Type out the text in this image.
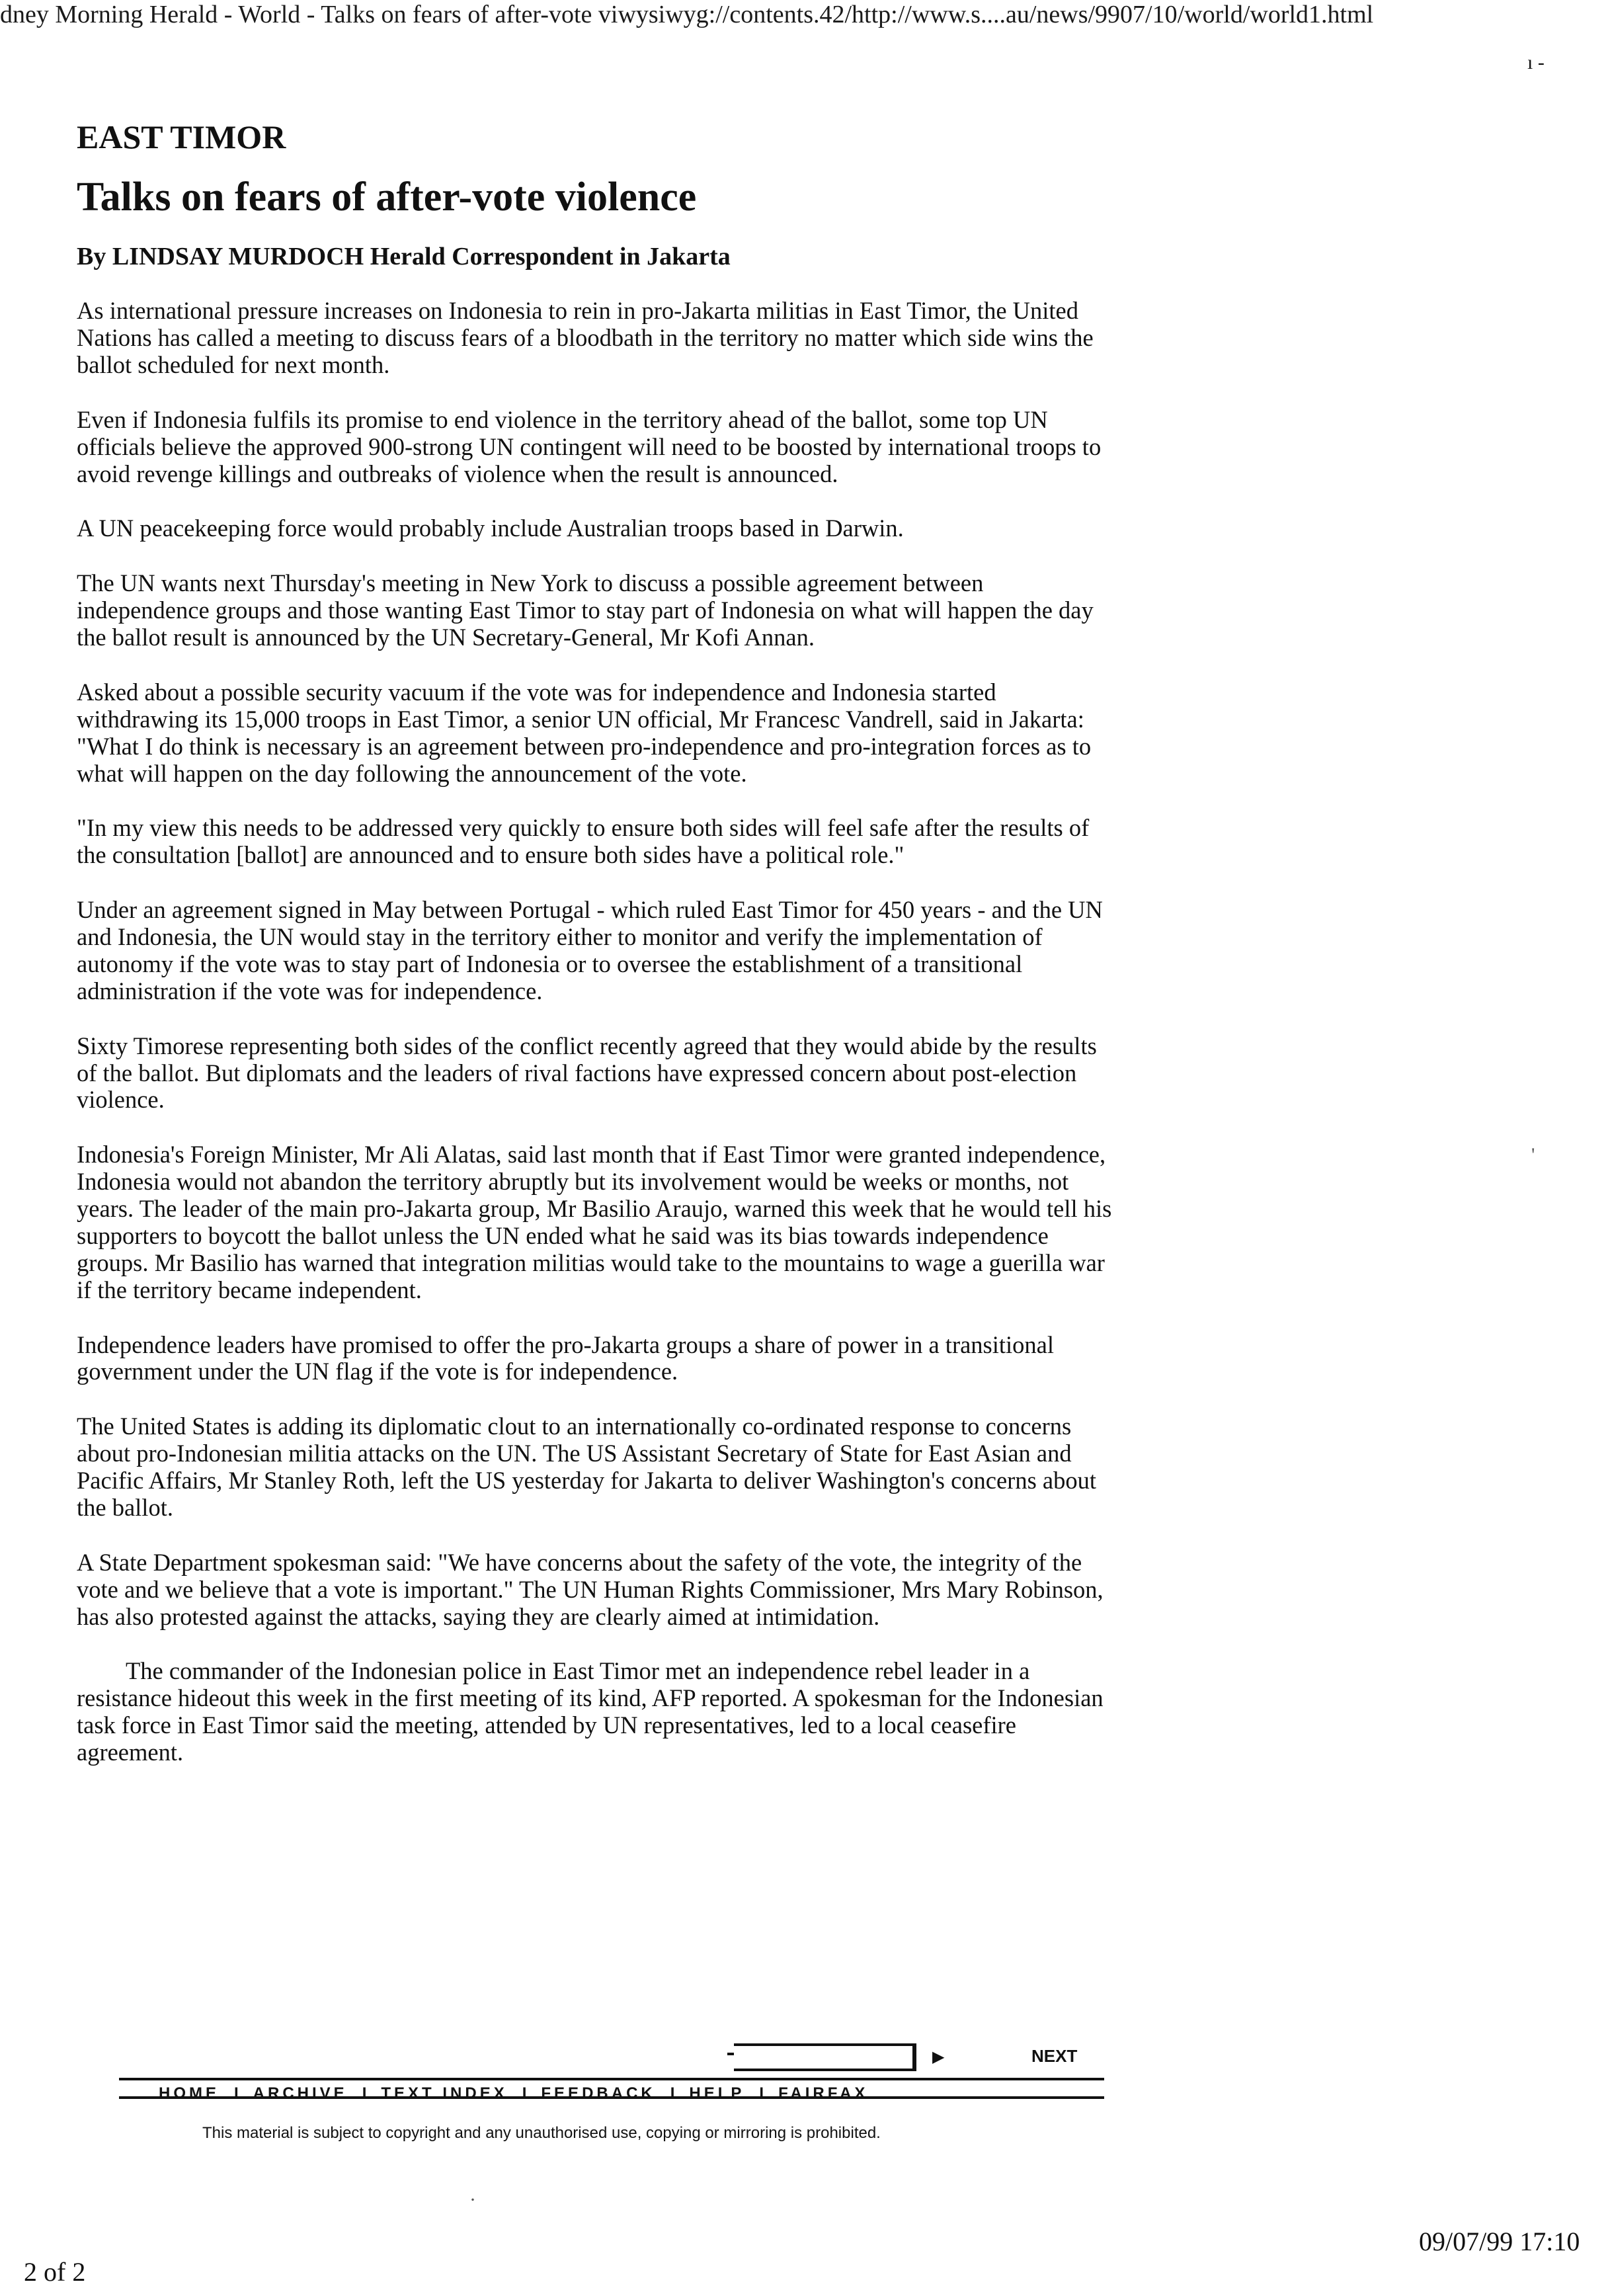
dney Morning Herald - World - Talks on fears of after-vote viwysiwyg://contents.42/http://www.s....au/news/9907/10/world/world1.html
ı -
'
·
EAST TIMOR
Talks on fears of after-vote violence
By LINDSAY MURDOCH Herald Correspondent in Jakarta

As international pressure increases on Indonesia to rein in pro-Jakarta militias in East Timor, the United Nations has called a meeting to discuss fears of a bloodbath in the territory no matter which side wins the ballot scheduled for next month.

Even if Indonesia fulfils its promise to end violence in the territory ahead of the ballot, some top UN officials believe the approved 900-strong UN contingent will need to be boosted by international troops to avoid revenge killings and outbreaks of violence when the result is announced.

A UN peacekeeping force would probably include Australian troops based in Darwin.

The UN wants next Thursday's meeting in New York to discuss a possible agreement between independence groups and those wanting East Timor to stay part of Indonesia on what will happen the day the ballot result is announced by the UN Secretary-General, Mr Kofi Annan.

Asked about a possible security vacuum if the vote was for independence and Indonesia started withdrawing its 15,000 troops in East Timor, a senior UN official, Mr Francesc Vandrell, said in Jakarta: "What I do think is necessary is an agreement between pro-independence and pro-integration forces as to what will happen on the day following the announcement of the vote.

"In my view this needs to be addressed very quickly to ensure both sides will feel safe after the results of the consultation [ballot] are announced and to ensure both sides have a political role."

Under an agreement signed in May between Portugal - which ruled East Timor for 450 years - and the UN and Indonesia, the UN would stay in the territory either to monitor and verify the implementation of autonomy if the vote was to stay part of Indonesia or to oversee the establishment of a transitional administration if the vote was for independence.

Sixty Timorese representing both sides of the conflict recently agreed that they would abide by the results of the ballot. But diplomats and the leaders of rival factions have expressed concern about post-election violence.

Indonesia's Foreign Minister, Mr Ali Alatas, said last month that if East Timor were granted independence, Indonesia would not abandon the territory abruptly but its involvement would be weeks or months, not years. The leader of the main pro-Jakarta group, Mr Basilio Araujo, warned this week that he would tell his supporters to boycott the ballot unless the UN ended what he said was its bias towards independence groups. Mr Basilio has warned that integration militias would take to the mountains to wage a guerilla war if the territory became independent.

Independence leaders have promised to offer the pro-Jakarta groups a share of power in a transitional government under the UN flag if the vote is for independence.

The United States is adding its diplomatic clout to an internationally co-ordinated response to concerns about pro-Indonesian militia attacks on the UN. The US Assistant Secretary of State for East Asian and Pacific Affairs, Mr Stanley Roth, left the US yesterday for Jakarta to deliver Washington's concerns about the ballot.

A State Department spokesman said: "We have concerns about the safety of the vote, the integrity of the vote and we believe that a vote is important." The UN Human Rights Commissioner, Mrs Mary Robinson, has also protested against the attacks, saying they are clearly aimed at intimidation.

The commander of the Indonesian police in East Timor met an independence rebel leader in a resistance hideout this week in the first meeting of its kind, AFP reported. A spokesman for the Indonesian task force in East Timor said the meeting, attended by UN representatives, led to a local ceasefire agreement.

▶	NEXT
HOME I ARCHIVE I TEXT INDEX I FEEDBACK I HELP I FAIRFAX
This material is subject to copyright and any unauthorised use, copying or mirroring is prohibited.
2 of 2
09/07/99 17:10
